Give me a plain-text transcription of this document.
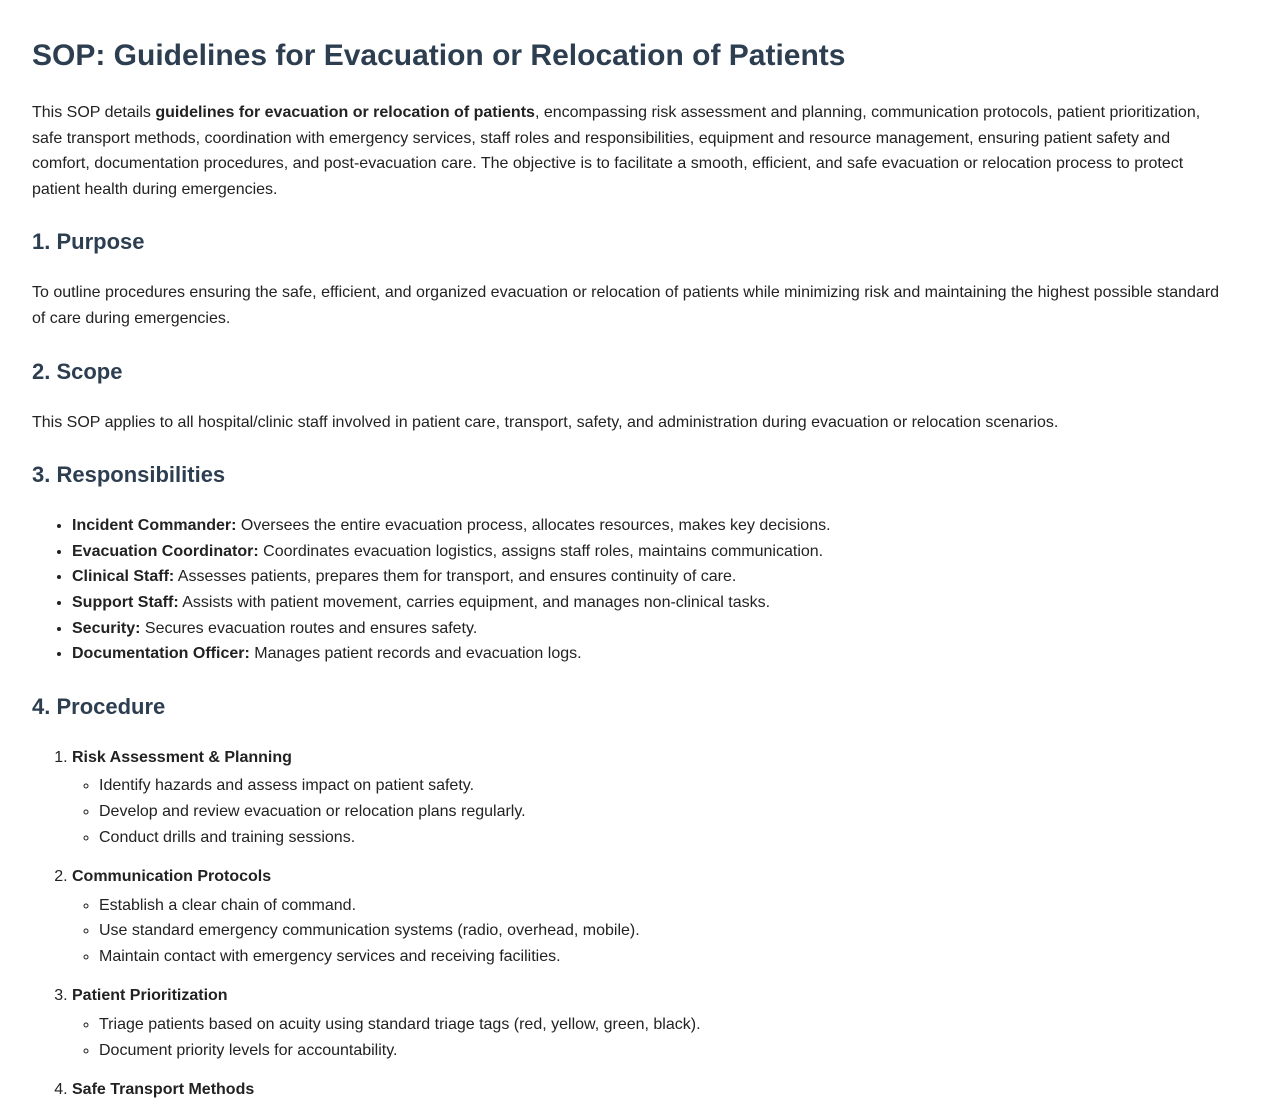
SOP: Guidelines for Evacuation or Relocation of Patients

This SOP details guidelines for evacuation or relocation of patients, encompassing risk assessment and planning, communication protocols, patient prioritization, safe transport methods, coordination with emergency services, staff roles and responsibilities, equipment and resource management, ensuring patient safety and comfort, documentation procedures, and post-evacuation care. The objective is to facilitate a smooth, efficient, and safe evacuation or relocation process to protect patient health during emergencies.

1. Purpose

To outline procedures ensuring the safe, efficient, and organized evacuation or relocation of patients while minimizing risk and maintaining the highest possible standard of care during emergencies.

2. Scope

This SOP applies to all hospital/clinic staff involved in patient care, transport, safety, and administration during evacuation or relocation scenarios.

3. Responsibilities
• Incident Commander: Oversees the entire evacuation process, allocates resources, makes key decisions.
• Evacuation Coordinator: Coordinates evacuation logistics, assigns staff roles, maintains communication.
• Clinical Staff: Assesses patients, prepares them for transport, and ensures continuity of care.
• Support Staff: Assists with patient movement, carries equipment, and manages non-clinical tasks.
• Security: Secures evacuation routes and ensures safety.
• Documentation Officer: Manages patient records and evacuation logs.
4. Procedure
1. Risk Assessment & Planning
◦ Identify hazards and assess impact on patient safety.
◦ Develop and review evacuation or relocation plans regularly.
◦ Conduct drills and training sessions.
2. Communication Protocols
◦ Establish a clear chain of command.
◦ Use standard emergency communication systems (radio, overhead, mobile).
◦ Maintain contact with emergency services and receiving facilities.
3. Patient Prioritization
◦ Triage patients based on acuity using standard triage tags (red, yellow, green, black).
◦ Document priority levels for accountability.
4. Safe Transport Methods
